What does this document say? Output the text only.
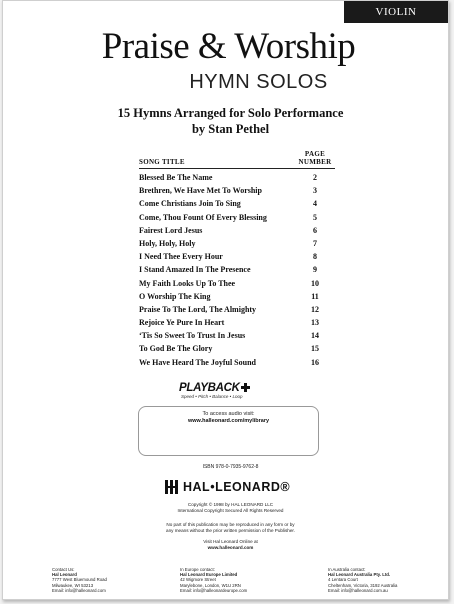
VIOLIN
Praise & Worship
HYMN SOLOS
15 Hymns Arranged for Solo Performance
by Stan Pethel
SONG TITLE
PAGE
NUMBER
Blessed Be The Name	2
Brethren, We Have Met To Worship	3
Come Christians Join To Sing	4
Come, Thou Fount Of Every Blessing	5
Fairest Lord Jesus	6
Holy, Holy, Holy	7
I Need Thee Every Hour	8
I Stand Amazed In The Presence	9
My Faith Looks Up To Thee	10
O Worship The King	11
Praise To The Lord, The Almighty	12
Rejoice Ye Pure In Heart	13
‘Tis So Sweet To Trust In Jesus	14
To God Be The Glory	15
We Have Heard The Joyful Sound	16
PLAYBACK
Speed • Pitch • Balance • Loop
To access audio visit:
www.halleonard.com/mylibrary
ISBN 978-0-7935-9762-8
HAL•LEONARD®
Copyright © 1998 by HAL LEONARD LLC
International Copyright Secured All Rights Reserved
No part of this publication may be reproduced in any form or by
any means without the prior written permission of the Publisher.
Visit Hal Leonard Online at
www.halleonard.com
Contact Us:
Hal Leonard
7777 West Bluemound Road
Milwaukee, WI 53213
Email: info@halleonard.com
In Europe contact:
Hal Leonard Europe Limited
42 Wigmore Street
Marylebone, London, W1U 2RN
Email: info@halleonardeurope.com
In Australia contact:
Hal Leonard Australia Pty. Ltd.
4 Lentara Court
Cheltenham, Victoria, 3192 Australia
Email: info@halleonard.com.au
